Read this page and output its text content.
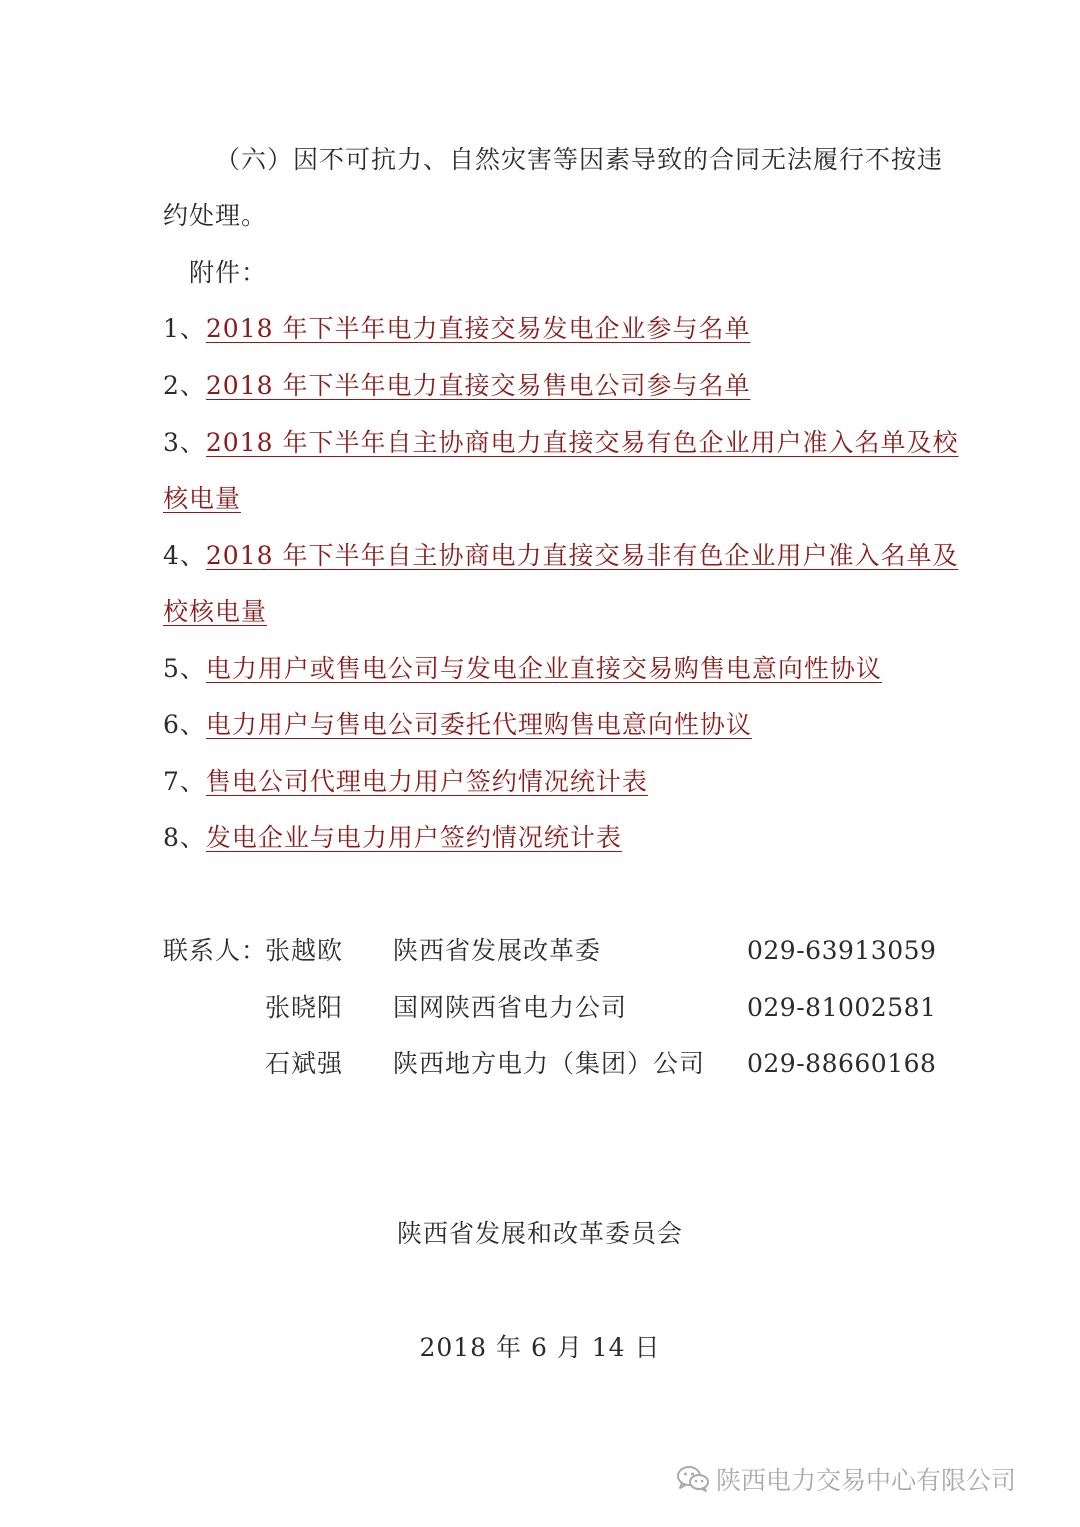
（六）因不可抗力、自然灾害等因素导致的合同无法履行不按违
约处理。
附件：
1、2018 年下半年电力直接交易发电企业参与名单
2、2018 年下半年电力直接交易售电公司参与名单
3、2018 年下半年自主协商电力直接交易有色企业用户准入名单及校
核电量
4、2018 年下半年自主协商电力直接交易非有色企业用户准入名单及
校核电量
5、电力用户或售电公司与发电企业直接交易购售电意向性协议
6、电力用户与售电公司委托代理购售电意向性协议
7、售电公司代理电力用户签约情况统计表
8、发电企业与电力用户签约情况统计表
联系人：
张越欧 陕西省发展改革委	029-63913059
张晓阳 国网陕西省电力公司	029-81002581
石斌强 陕西地方电力（集团）公司 029-88660168
陕西省发展和改革委员会
2018 年 6 月 14 日
陕西电力交易中心有限公司
